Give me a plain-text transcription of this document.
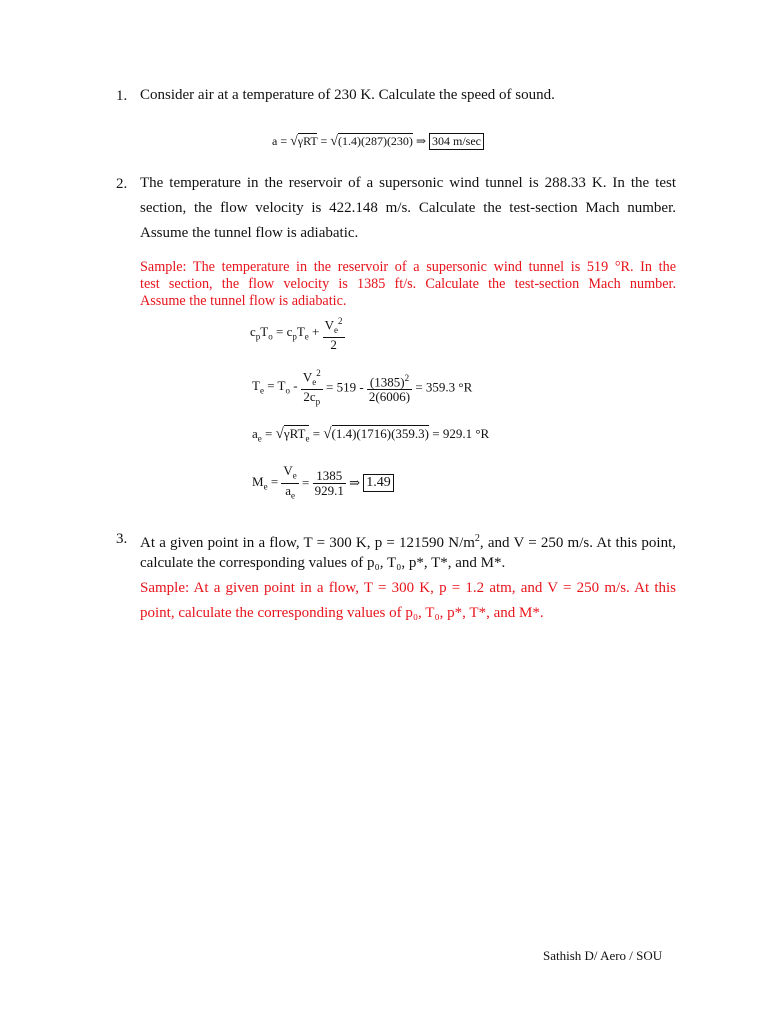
1. Consider air at a temperature of 230 K. Calculate the speed of sound.
a = √γRT = √(1.4)(287)(230) ⇒ 304 m/sec
2. The temperature in the reservoir of a supersonic wind tunnel is 288.33 K. In the test
section, the flow velocity is 422.148 m/s. Calculate the test-section Mach number.
Assume the tunnel flow is adiabatic.
Sample: The temperature in the reservoir of a supersonic wind tunnel is 519 °R. In the
test section, the flow velocity is 1385 ft/s. Calculate the test-section Mach number.
Assume the tunnel flow is adiabatic.
$c_pT_o = c_pT_e + \frac{V_e^2}{2}$
$T_e = T_o - \frac{V_e^2}{2c_p} = 519 - \frac{(1385)^2}{2(6006)} = 359.3$ °R
$a_e = √\gamma RT_e = √(1.4)(1716)(359.3) = 929.1$ °R
$M_e = \frac{V_e}{a_e} = \frac{1385}{929.1}$ ⇒ 1.49
3. At a given point in a flow, T = 300 K, p = 121590 $N/m^2$, and V = 250 m/s. At this point,
calculate the corresponding values of p₀, T₀, p*, T*, and M*.
Sample: At a given point in a flow, T = 300 K, p = 1.2 atm, and V = 250 m/s. At this
point, calculate the corresponding values of p₀, T₀, p*, T*, and M*.
Sathish D/ Aero / SOU
